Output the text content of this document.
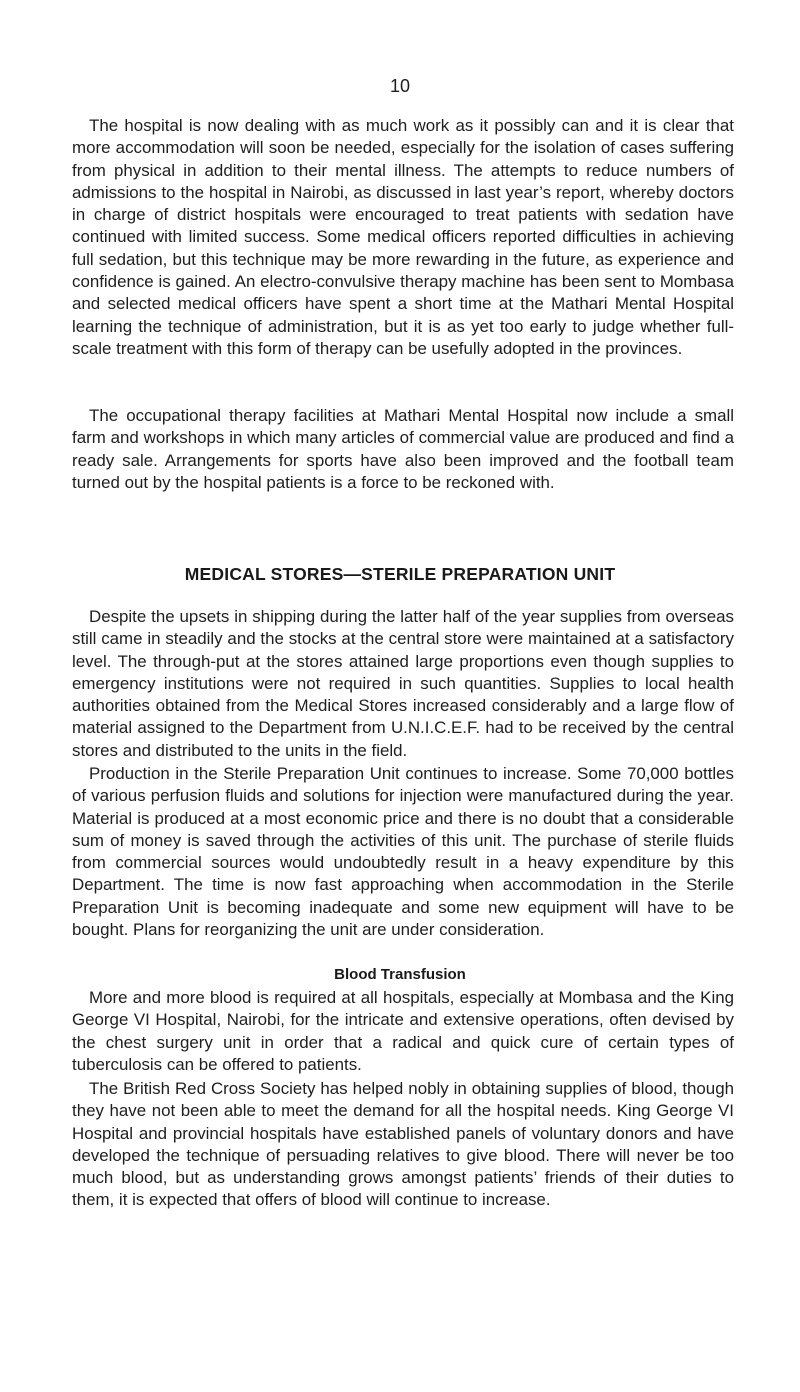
10

The hospital is now dealing with as much work as it possibly can and it is clear that more accommodation will soon be needed, especially for the isolation of cases suffering from physical in addition to their mental illness. The attempts to reduce numbers of admissions to the hospital in Nairobi, as discussed in last year’s report, whereby doctors in charge of district hospitals were encouraged to treat patients with sedation have continued with limited success. Some medical officers reported difficulties in achieving full sedation, but this technique may be more rewarding in the future, as experience and confidence is gained. An electro-convulsive therapy machine has been sent to Mombasa and selected medical officers have spent a short time at the Mathari Mental Hospital learning the technique of administration, but it is as yet too early to judge whether full-scale treatment with this form of therapy can be usefully adopted in the provinces.

The occupational therapy facilities at Mathari Mental Hospital now include a small farm and workshops in which many articles of commercial value are produced and find a ready sale. Arrangements for sports have also been improved and the football team turned out by the hospital patients is a force to be reckoned with.

MEDICAL STORES—STERILE PREPARATION UNIT

Despite the upsets in shipping during the latter half of the year supplies from overseas still came in steadily and the stocks at the central store were maintained at a satisfactory level. The through-put at the stores attained large proportions even though supplies to emergency institutions were not required in such quantities. Supplies to local health authorities obtained from the Medical Stores increased considerably and a large flow of material assigned to the Department from U.N.I.C.E.F. had to be received by the central stores and distributed to the units in the field.

Production in the Sterile Preparation Unit continues to increase. Some 70,000 bottles of various perfusion fluids and solutions for injection were manufactured during the year. Material is produced at a most economic price and there is no doubt that a considerable sum of money is saved through the activities of this unit. The purchase of sterile fluids from commercial sources would undoubtedly result in a heavy expenditure by this Department. The time is now fast approaching when accommodation in the Sterile Preparation Unit is becoming inadequate and some new equipment will have to be bought. Plans for reorganizing the unit are under consideration.

Blood Transfusion

More and more blood is required at all hospitals, especially at Mombasa and the King George VI Hospital, Nairobi, for the intricate and extensive operations, often devised by the chest surgery unit in order that a radical and quick cure of certain types of tuberculosis can be offered to patients.

The British Red Cross Society has helped nobly in obtaining supplies of blood, though they have not been able to meet the demand for all the hospital needs. King George VI Hospital and provincial hospitals have established panels of voluntary donors and have developed the technique of persuading relatives to give blood. There will never be too much blood, but as understanding grows amongst patients’ friends of their duties to them, it is expected that offers of blood will continue to increase.
